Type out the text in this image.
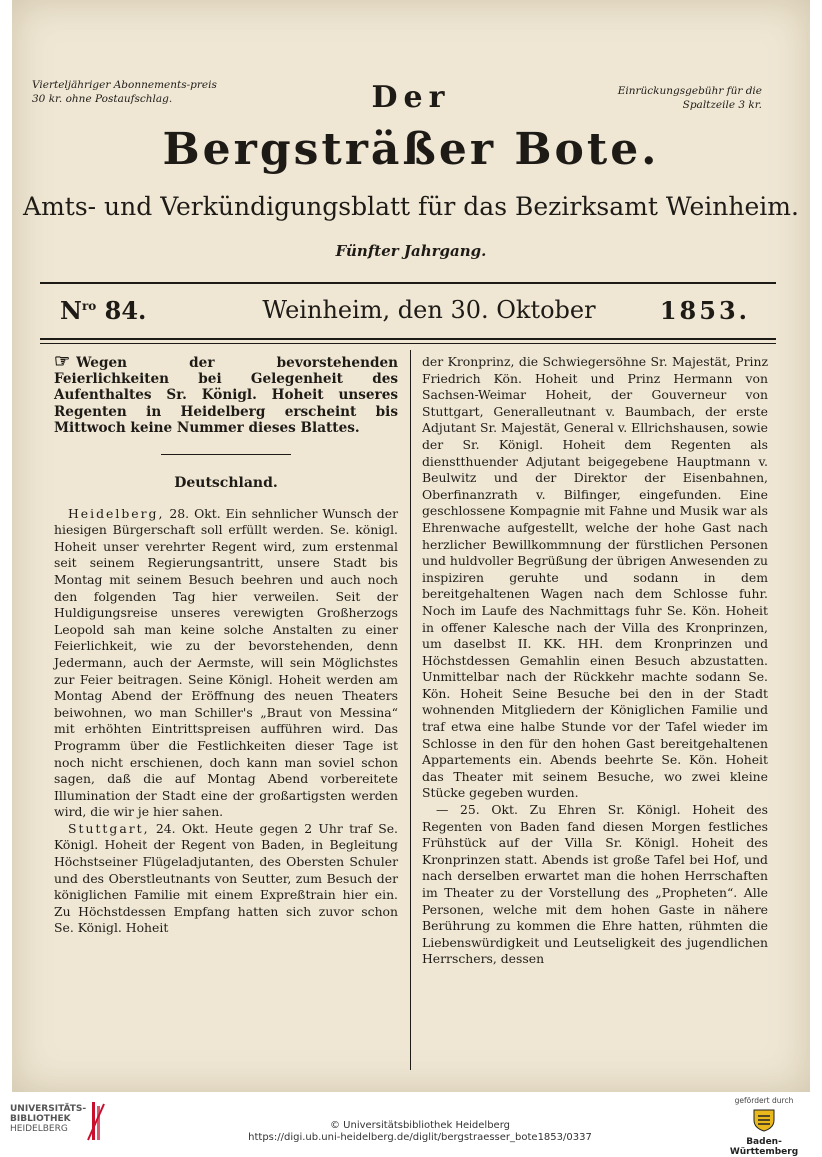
Vierteljähriger Abonnements-preis 30 kr. ohne Postaufschlag.
Einrückungsgebühr für die Spaltzeile 3 kr.
Der
Bergsträßer Bote.
Amts- und Verkündigungsblatt für das Bezirksamt Weinheim.
Fünfter Jahrgang.
$N^{ro}$ 84.	Weinheim, den 30. Oktober	1853.

☞ Wegen der bevorstehenden Feierlichkeiten bei Gelegenheit des Aufenthaltes Sr. Königl. Hoheit unseres Regenten in Heidelberg erscheint bis Mittwoch keine Nummer dieses Blattes.

Deutschland.

Heidelberg, 28. Okt. Ein sehnlicher Wunsch der hiesigen Bürgerschaft soll erfüllt werden. Se. königl. Hoheit unser verehrter Regent wird, zum erstenmal seit seinem Regierungsantritt, unsere Stadt bis Montag mit seinem Besuch beehren und auch noch den folgenden Tag hier verweilen. Seit der Huldigungsreise unseres verewigten Großherzogs Leopold sah man keine solche Anstalten zu einer Feierlichkeit, wie zu der bevorstehenden, denn Jedermann, auch der Aermste, will sein Möglichstes zur Feier beitragen. Seine Königl. Hoheit werden am Montag Abend der Eröffnung des neuen Theaters beiwohnen, wo man Schiller's „Braut von Messina“ mit erhöhten Eintrittspreisen aufführen wird. Das Programm über die Festlichkeiten dieser Tage ist noch nicht erschienen, doch kann man soviel schon sagen, daß die auf Montag Abend vorbereitete Illumination der Stadt eine der großartigsten werden wird, die wir je hier sahen.

Stuttgart, 24. Okt. Heute gegen 2 Uhr traf Se. Königl. Hoheit der Regent von Baden, in Begleitung Höchstseiner Flügeladjutanten, des Obersten Schuler und des Oberstleutnants von Seutter, zum Besuch der königlichen Familie mit einem Expreßtrain hier ein. Zu Höchstdessen Empfang hatten sich zuvor schon Se. Königl. Hoheit

der Kronprinz, die Schwiegersöhne Sr. Majestät, Prinz Friedrich Kön. Hoheit und Prinz Hermann von Sachsen-Weimar Hoheit, der Gouverneur von Stuttgart, Generalleutnant v. Baumbach, der erste Adjutant Sr. Majestät, General v. Ellrichshausen, sowie der Sr. Königl. Hoheit dem Regenten als dienstthuender Adjutant beigegebene Hauptmann v. Beulwitz und der Direktor der Eisenbahnen, Oberfinanzrath v. Bilfinger, eingefunden. Eine geschlossene Kompagnie mit Fahne und Musik war als Ehrenwache aufgestellt, welche der hohe Gast nach herzlicher Bewillkommnung der fürstlichen Personen und huldvoller Begrüßung der übrigen Anwesenden zu inspiziren geruhte und sodann in dem bereitgehaltenen Wagen nach dem Schlosse fuhr. Noch im Laufe des Nachmittags fuhr Se. Kön. Hoheit in offener Kalesche nach der Villa des Kronprinzen, um daselbst II. KK. HH. dem Kronprinzen und Höchstdessen Gemahlin einen Besuch abzustatten. Unmittelbar nach der Rückkehr machte sodann Se. Kön. Hoheit Seine Besuche bei den in der Stadt wohnenden Mitgliedern der Königlichen Familie und traf etwa eine halbe Stunde vor der Tafel wieder im Schlosse in den für den hohen Gast bereitgehaltenen Appartements ein. Abends beehrte Se. Kön. Hoheit das Theater mit seinem Besuche, wo zwei kleine Stücke gegeben wurden.

— 25. Okt. Zu Ehren Sr. Königl. Hoheit des Regenten von Baden fand diesen Morgen festliches Frühstück auf der Villa Sr. Königl. Hoheit des Kronprinzen statt. Abends ist große Tafel bei Hof, und nach derselben erwartet man die hohen Herrschaften im Theater zu der Vorstellung des „Propheten“. Alle Personen, welche mit dem hohen Gaste in nähere Berührung zu kommen die Ehre hatten, rühmten die Liebenswürdigkeit und Leutseligkeit des jugendlichen Herrschers, dessen

UNIVERSITÄTS-
BIBLIOTHEK
HEIDELBERG	© Universitätsbibliothek Heidelberg
https://digi.ub.uni-heidelberg.de/diglit/bergstraesser_bote1853/0337
gefördert durch
Baden-Württemberg
